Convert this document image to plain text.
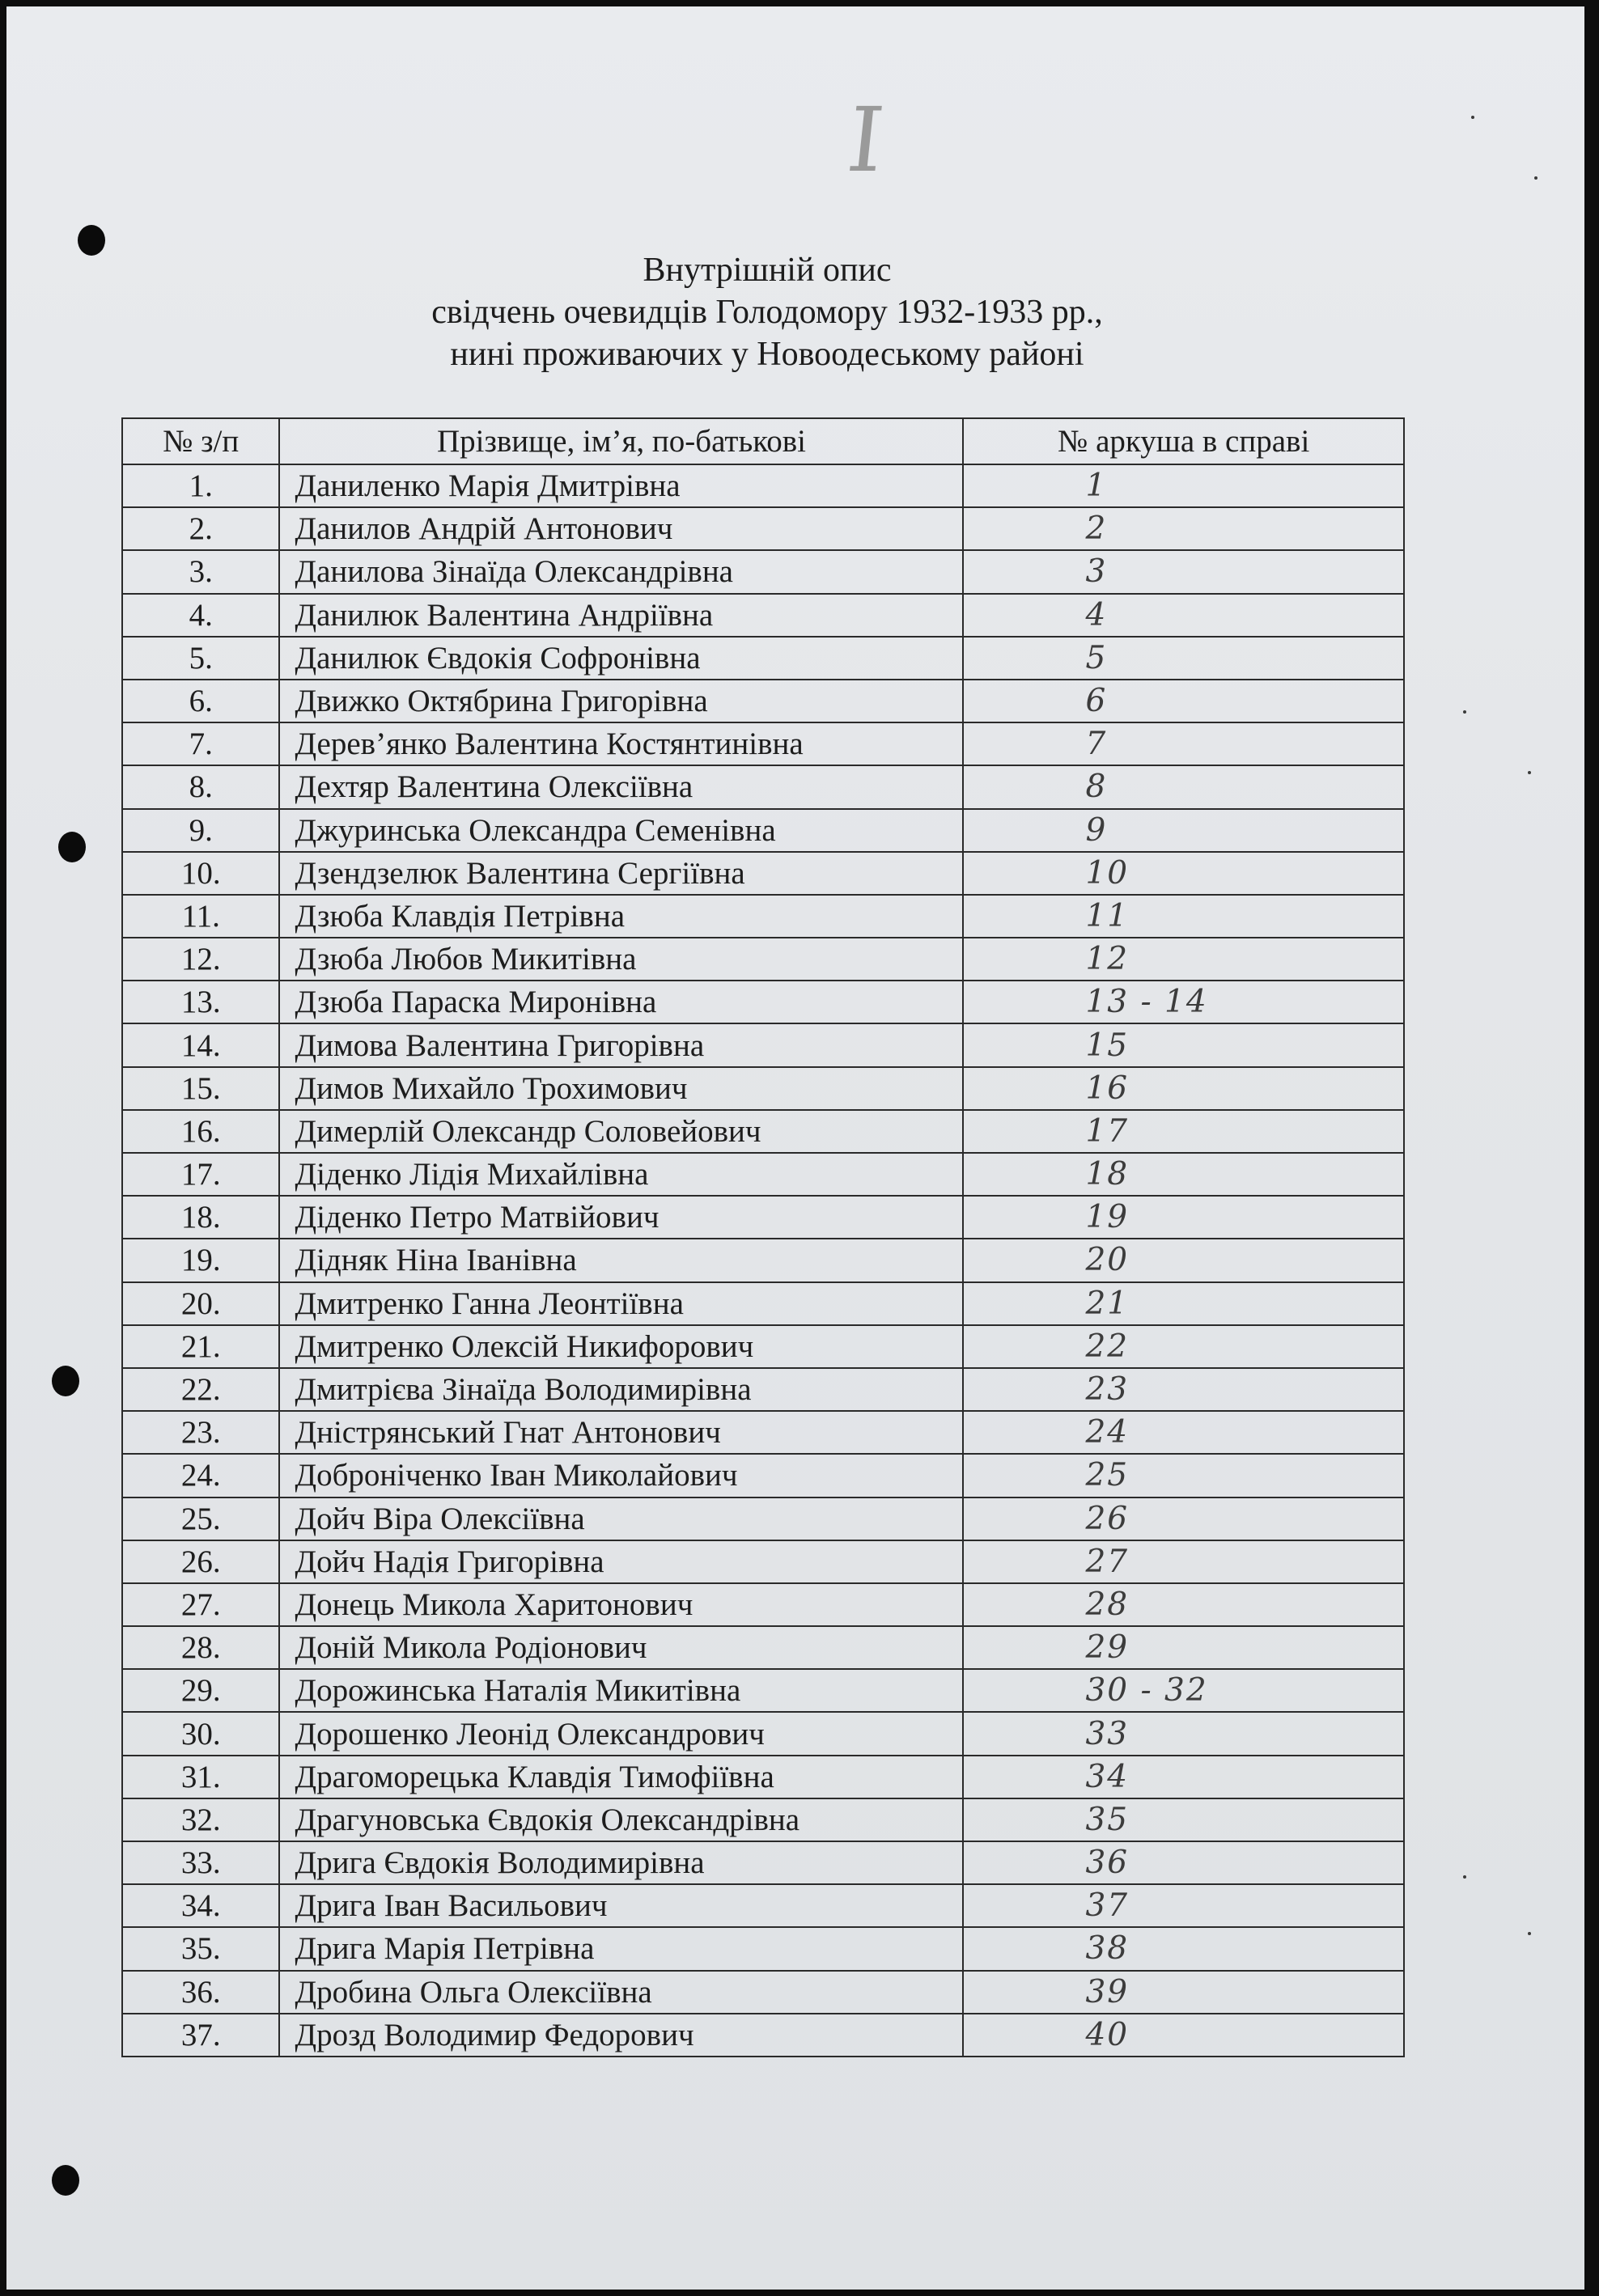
I
Внутрішній опис
свідчень очевидців Голодомору 1932-1933 рр.,
нині проживаючих у Новоодеському районі
№ з/п	Прізвище, ім’я, по-батькові	№ аркуша в справі
1.	Даниленко Марія Дмитрівна	1
2.	Данилов Андрій Антонович	2
3.	Данилова Зінаїда Олександрівна	3
4.	Данилюк Валентина Андріївна	4
5.	Данилюк Євдокія Софронівна	5
6.	Движко Октябрина Григорівна	6
7.	Дерев’янко Валентина Костянтинівна	7
8.	Дехтяр Валентина Олексіївна	8
9.	Джуринська Олександра Семенівна	9
10.	Дзендзелюк Валентина Сергіївна	10
11.	Дзюба Клавдія Петрівна	11
12.	Дзюба Любов Микитівна	12
13.	Дзюба Параска Миронівна	13 - 14
14.	Димова Валентина Григорівна	15
15.	Димов Михайло Трохимович	16
16.	Димерлій Олександр Соловейович	17
17.	Діденко Лідія Михайлівна	18
18.	Діденко Петро Матвійович	19
19.	Дідняк Ніна Іванівна	20
20.	Дмитренко Ганна Леонтіївна	21
21.	Дмитренко Олексій Никифорович	22
22.	Дмитрієва Зінаїда Володимирівна	23
23.	Дністрянський Гнат Антонович	24
24.	Доброніченко Іван Миколайович	25
25.	Дойч Віра Олексіївна	26
26.	Дойч Надія Григорівна	27
27.	Донець Микола Харитонович	28
28.	Доній Микола Родіонович	29
29.	Дорожинська Наталія Микитівна	30 - 32
30.	Дорошенко Леонід Олександрович	33
31.	Драгоморецька Клавдія Тимофіївна	34
32.	Драгуновська Євдокія Олександрівна	35
33.	Дрига Євдокія Володимирівна	36
34.	Дрига Іван Васильович	37
35.	Дрига Марія Петрівна	38
36.	Дробина Ольга Олексіївна	39
37.	Дрозд Володимир Федорович	40
